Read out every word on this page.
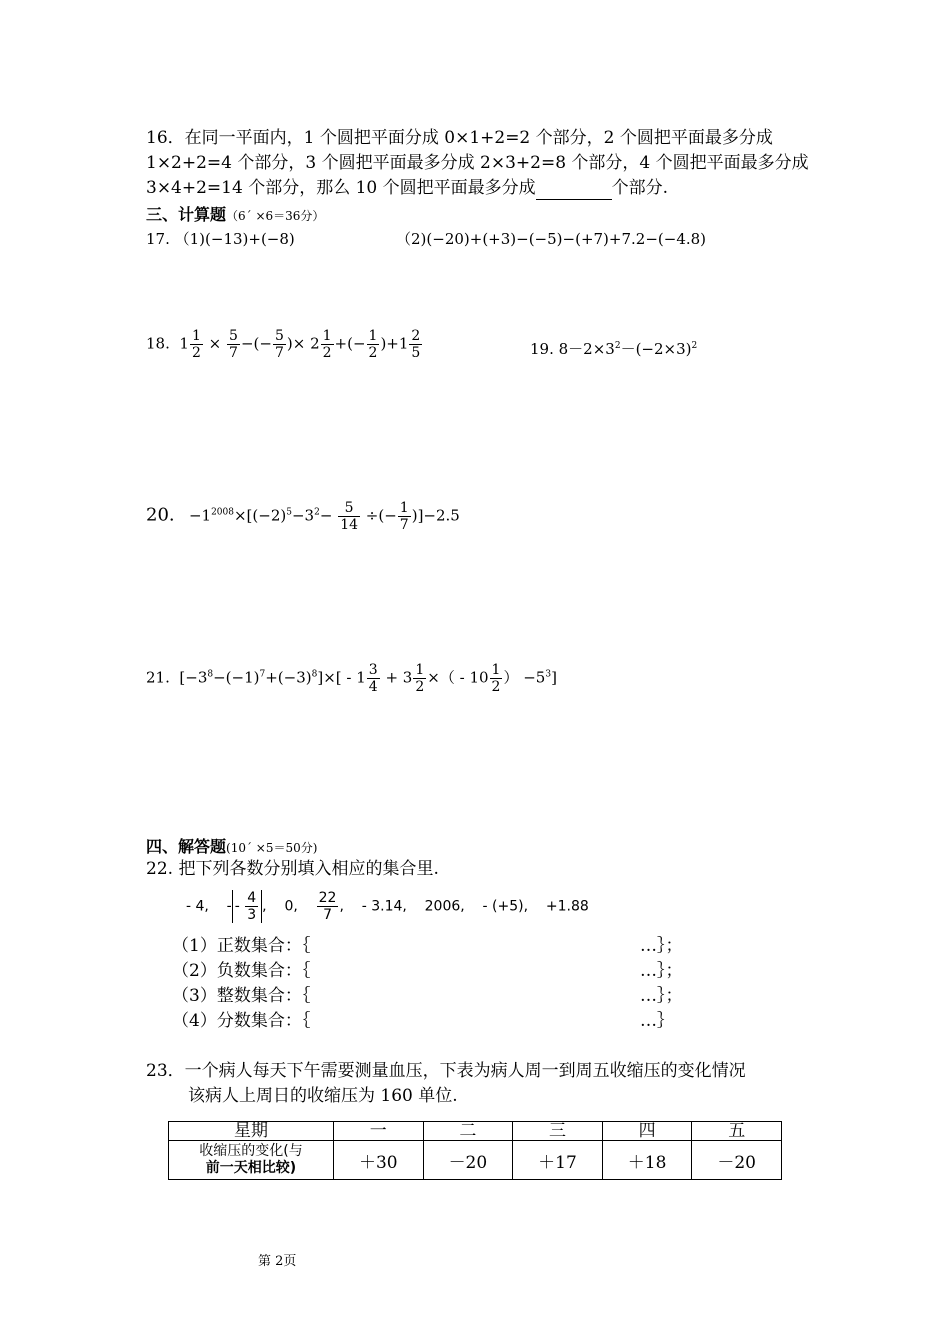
16．在同一平面内，1 个圆把平面分成 0×1+2=2 个部分，2 个圆把平面最多分成
1×2+2=4 个部分，3 个圆把平面最多分成 2×3+2=8 个部分，4 个圆把平面最多分成
3×4+2=14 个部分，那么 10 个圆把平面最多分成	个部分.
三、计算题（6´ ×6＝36分）
17. （1)(−13)+(−8)	（2)(−20)+(+3)−(−5)−(+7)+7.2−(−4.8)
18. $1 \frac{1}{2} \times \frac{5}{7}$ −(− $\frac{5}{7}$ )× $2 \frac{1}{2}$ +(− $\frac{1}{2} )+1 \frac{2}{5}$	19. $8-2\times 3^2-(-2\times 3)^2$
20. $-1^{2008}\times[(-2)^5-3^2- \frac{5}{14}$ ÷(− $\frac{1}{7} )]-2.5$
21. $[-3^8-(-1)^7+(-3)^8]\times[ - 1 \frac{3}{4} + 3 \frac{1}{2}$ ×（ - $10 \frac{1}{2}$ ） $-5^3$]
四、解答题(10´ ×5＝50分)
22. 把下列各数分别填入相应的集合里.
- 4, - - $\frac{4}{3}$ , 0, $\frac{22}{7}$ , - 3.14, 2006, - (+5), +1.88
（1）正数集合：｛	…｝；
（2）负数集合：｛	…｝；
（3）整数集合：｛	…｝；
（4）分数集合：｛	…｝
23．一个病人每天下午需要测量血压，下表为病人周一到周五收缩压的变化情况
该病人上周日的收缩压为 160 单位.
星期	一	二	三	四	五

收缩压的变化(与
前一天相比较)	＋30	－20	＋17	＋18	－20
第 2页
